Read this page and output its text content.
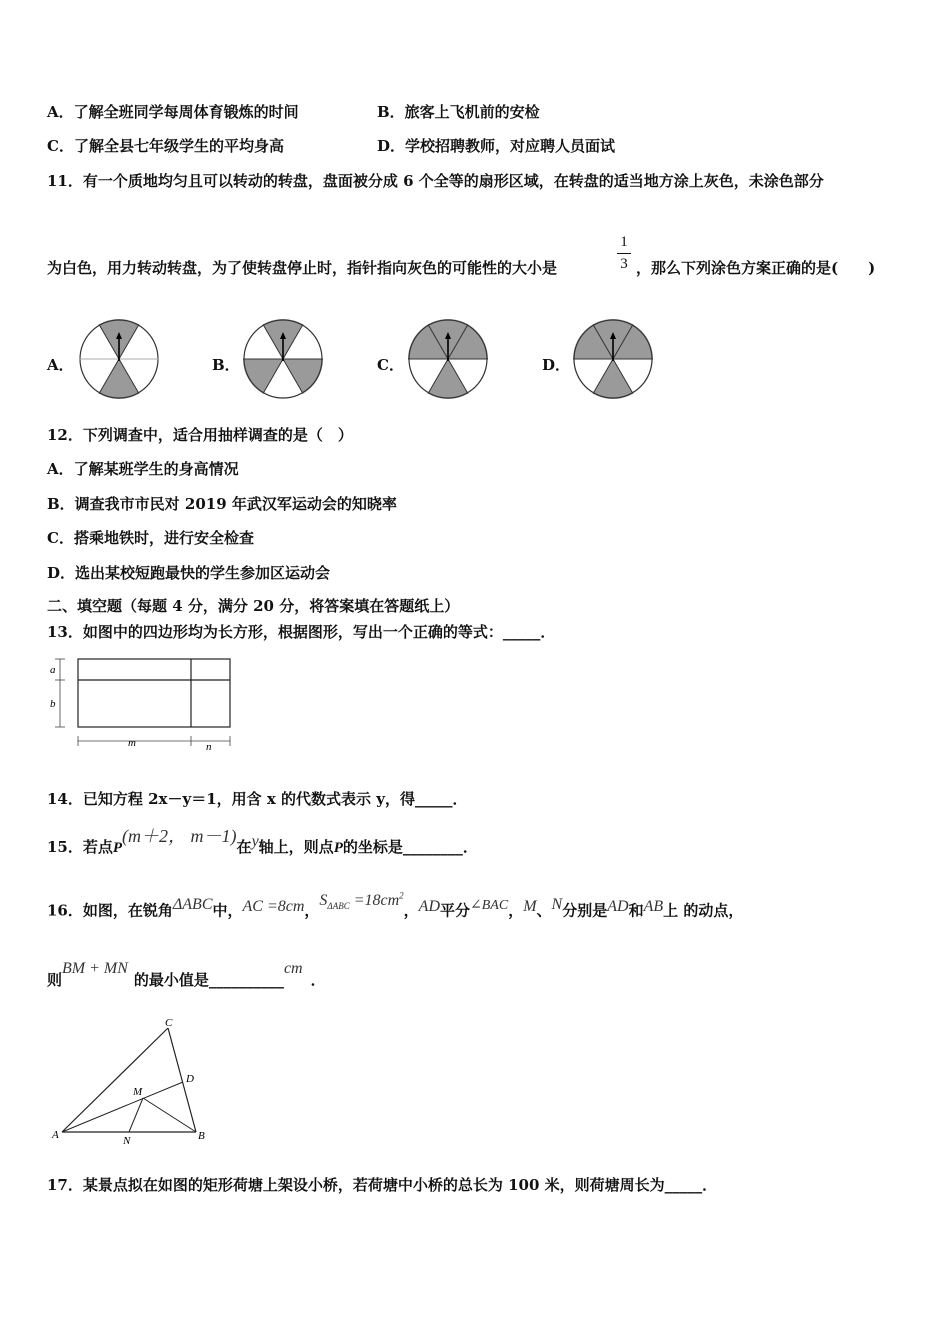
A．了解全班同学每周体育锻炼的时间	B．旅客上飞机前的安检
C．了解全县七年级学生的平均身高	D．学校招聘教师，对应聘人员面试
11．有一个质地均匀且可以转动的转盘，盘面被分成 6 个全等的扇形区域，在转盘的适当地方涂上灰色，未涂色部分
为白色，用力转动转盘，为了使转盘停止时，指针指向灰色的可能性的大小是
1
3 ，那么下列涂色方案正确的是(　　)
A．	B．	C．	D．
12．下列调查中，适合用抽样调查的是（　）
A．了解某班学生的身高情况
B．调查我市市民对 2019 年武汉军运动会的知晓率
C．搭乘地铁时，进行安全检查
D．选出某校短跑最快的学生参加区运动会
二、填空题（每题 4 分，满分 20 分，将答案填在答题纸上）
13．如图中的四边形均为长方形，根据图形，写出一个正确的等式：_____．
a
b
m	n
14．已知方程 2x－y＝1，用含 x 的代数式表示 y，得_____．
15．若点P(m＋2， m－1)在y轴上，则点P的坐标是________．
16．如图，在锐角ΔABC中，AC =8cm，$S_{\Delta ABC} =18cm^2$，AD平分∠BAC，M、N分别是AD和AB上 的动点，
则BM + MN的最小值是__________cm．
A	B
C
D
M
N
17．某景点拟在如图的矩形荷塘上架设小桥，若荷塘中小桥的总长为 100 米，则荷塘周长为_____．
